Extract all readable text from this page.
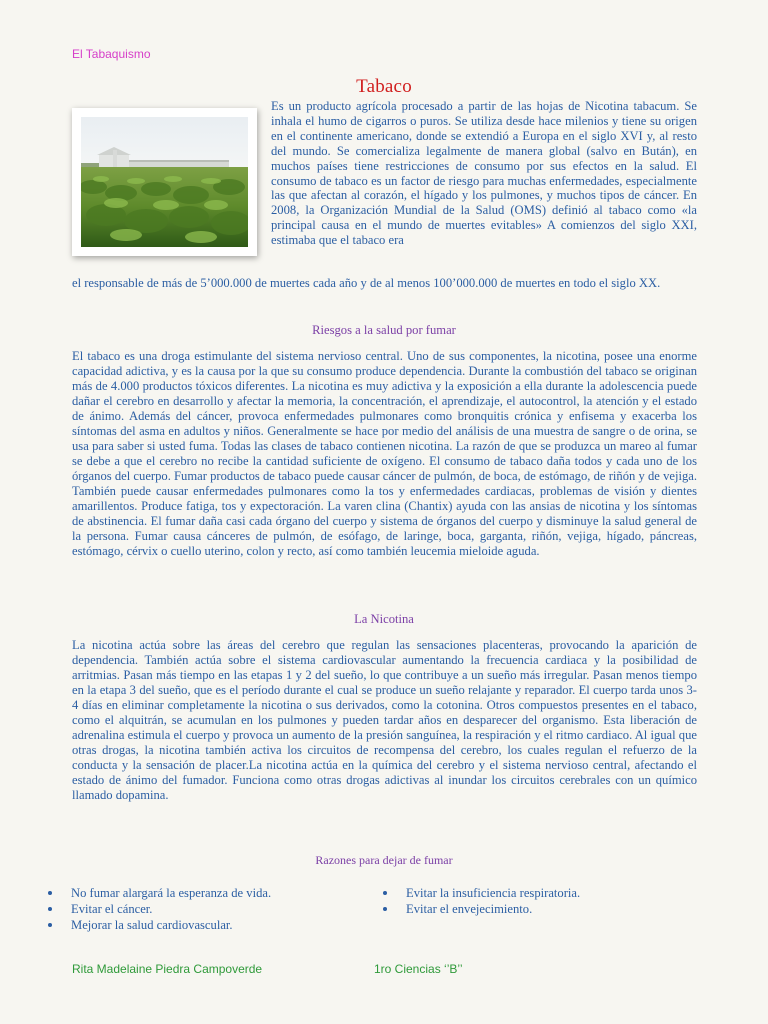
El Tabaquismo
Tabaco
Es un producto agrícola procesado a partir de las hojas de Nicotina tabacum. Se inhala el humo de cigarros o puros. Se utiliza desde hace milenios y tiene su origen en el continente americano, donde se extendió a Europa en el siglo XVI y, al resto del mundo. Se comercializa legalmente de manera global (salvo en Bután), en muchos países tiene restricciones de consumo por sus efectos en la salud. El consumo de tabaco es un factor de riesgo para muchas enfermedades, especialmente las que afectan al corazón, el hígado y los pulmones, y muchos tipos de cáncer. En 2008, la Organización Mundial de la Salud (OMS) definió al tabaco como «la principal causa en el mundo de muertes evitables» A comienzos del siglo XXI, estimaba que el tabaco era
el responsable de más de 5’000.000 de muertes cada año y de al menos 100’000.000 de muertes en todo el siglo XX.
Riesgos a la salud por fumar
El tabaco es una droga estimulante del sistema nervioso central. Uno de sus componentes, la nicotina, posee una enorme capacidad adictiva, y es la causa por la que su consumo produce dependencia. Durante la combustión del tabaco se originan más de 4.000 productos tóxicos diferentes. La nicotina es muy adictiva y la exposición a ella durante la adolescencia puede dañar el cerebro en desarrollo y afectar la memoria, la concentración, el aprendizaje, el autocontrol, la atención y el estado de ánimo. Además del cáncer, provoca enfermedades pulmonares como bronquitis crónica y enfisema y exacerba los síntomas del asma en adultos y niños. Generalmente se hace por medio del análisis de una muestra de sangre o de orina, se usa para saber si usted fuma. Todas las clases de tabaco contienen nicotina. La razón de que se produzca un mareo al fumar se debe a que el cerebro no recibe la cantidad suficiente de oxígeno. El consumo de tabaco daña todos y cada uno de los órganos del cuerpo. Fumar productos de tabaco puede causar cáncer de pulmón, de boca, de estómago, de riñón y de vejiga. También puede causar enfermedades pulmonares como la tos y enfermedades cardiacas, problemas de visión y dientes amarillentos. Produce fatiga, tos y expectoración. La varen clina (Chantix) ayuda con las ansias de nicotina y los síntomas de abstinencia. El fumar daña casi cada órgano del cuerpo y sistema de órganos del cuerpo y disminuye la salud general de la persona. Fumar causa cánceres de pulmón, de esófago, de laringe, boca, garganta, riñón, vejiga, hígado, páncreas, estómago, cérvix o cuello uterino, colon y recto, así como también leucemia mieloide aguda.
La Nicotina
La nicotina actúa sobre las áreas del cerebro que regulan las sensaciones placenteras, provocando la aparición de dependencia. También actúa sobre el sistema cardiovascular aumentando la frecuencia cardiaca y la posibilidad de arritmias. Pasan más tiempo en las etapas 1 y 2 del sueño, lo que contribuye a un sueño más irregular. Pasan menos tiempo en la etapa 3 del sueño, que es el período durante el cual se produce un sueño relajante y reparador. El cuerpo tarda unos 3-4 días en eliminar completamente la nicotina o sus derivados, como la cotonina. Otros compuestos presentes en el tabaco, como el alquitrán, se acumulan en los pulmones y pueden tardar años en desparecer del organismo. Esta liberación de adrenalina estimula el cuerpo y provoca un aumento de la presión sanguínea, la respiración y el ritmo cardiaco. Al igual que otras drogas, la nicotina también activa los circuitos de recompensa del cerebro, los cuales regulan el refuerzo de la conducta y la sensación de placer.La nicotina actúa en la química del cerebro y el sistema nervioso central, afectando el estado de ánimo del fumador. Funciona como otras drogas adictivas al inundar los circuitos cerebrales con un químico llamado dopamina.
Razones para dejar de fumar
No fumar alargará la esperanza de vida.
Evitar el cáncer.
Mejorar la salud cardiovascular.
Evitar la insuficiencia respiratoria.
Evitar el envejecimiento.
Rita Madelaine Piedra Campoverde	1ro Ciencias ‘’B’’
